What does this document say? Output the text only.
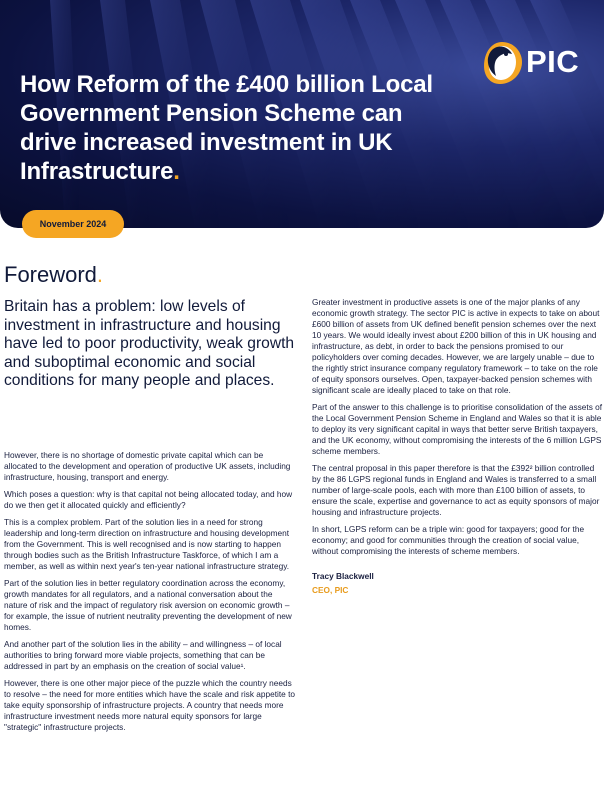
PIC
How Reform of the £400 billion Local Government Pension Scheme can drive increased investment in UK Infrastructure.
November 2024
Foreword.

Britain has a problem: low levels of investment in infrastructure and housing have led to poor productivity, weak growth and suboptimal economic and social conditions for many people and places.

However, there is no shortage of domestic private capital which can be allocated to the development and operation of productive UK assets, including infrastructure, housing, transport and energy.

Which poses a question: why is that capital not being allocated today, and how do we then get it allocated quickly and efficiently?

This is a complex problem. Part of the solution lies in a need for strong leadership and long-term direction on infrastructure and housing development from the Government. This is well recognised and is now starting to happen through bodies such as the British Infrastructure Taskforce, of which I am a member, as well as within next year's ten-year national infrastructure strategy.

Part of the solution lies in better regulatory coordination across the economy, growth mandates for all regulators, and a national conversation about the nature of risk and the impact of regulatory risk aversion on economic growth – for example, the issue of nutrient neutrality preventing the development of new homes.

And another part of the solution lies in the ability – and willingness – of local authorities to bring forward more viable projects, something that can be addressed in part by an emphasis on the creation of social value¹.

However, there is one other major piece of the puzzle which the country needs to resolve – the need for more entities which have the scale and risk appetite to take equity sponsorship of infrastructure projects. A country that needs more infrastructure investment needs more natural equity sponsors for large "strategic" infrastructure projects.

Greater investment in productive assets is one of the major planks of any economic growth strategy. The sector PIC is active in expects to take on about £600 billion of assets from UK defined benefit pension schemes over the next 10 years. We would ideally invest about £200 billion of this in UK housing and infrastructure, as debt, in order to back the pensions promised to our policyholders over coming decades. However, we are largely unable – due to the rightly strict insurance company regulatory framework – to take on the role of equity sponsors ourselves. Open, taxpayer-backed pension schemes with significant scale are ideally placed to take on that role.

Part of the answer to this challenge is to prioritise consolidation of the assets of the Local Government Pension Scheme in England and Wales so that it is able to deploy its very significant capital in ways that better serve British taxpayers, and the UK economy, without compromising the interests of the 6 million LGPS scheme members.

The central proposal in this paper therefore is that the £392² billion controlled by the 86 LGPS regional funds in England and Wales is transferred to a small number of large-scale pools, each with more than £100 billion of assets, to ensure the scale, expertise and governance to act as equity sponsors of major housing and infrastructure projects.

In short, LGPS reform can be a triple win: good for taxpayers; good for the economy; and good for communities through the creation of social value, without compromising the interests of scheme members.

Tracy Blackwell

CEO, PIC
